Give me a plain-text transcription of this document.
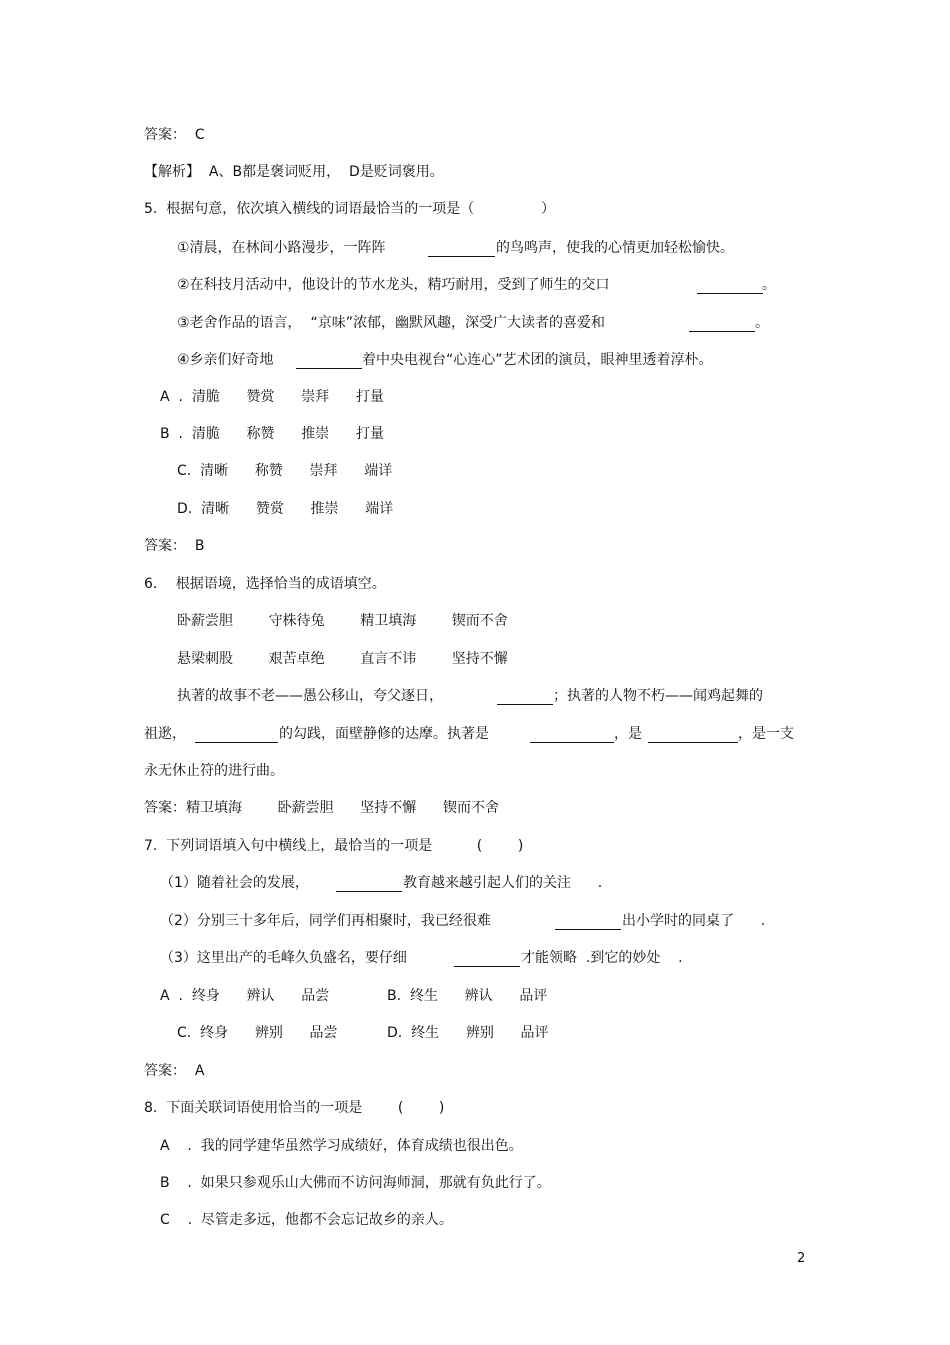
答案：  C
【解析】  A、B都是褒词贬用，  D是贬词褒用。
5.  根据句意，依次填入横线的词语最恰当的一项是（               ）
①清晨，在林间小路漫步，一阵阵	的鸟鸣声，使我的心情更加轻松愉快。
②在科技月活动中，他设计的节水龙头，精巧耐用，受到了师生的交口	。
③老舍作品的语言，  “京味”浓郁，幽默风趣，深受广大读者的喜爱和	。
④乡亲们好奇地	着中央电视台“心连心”艺术团的演员，眼神里透着淳朴。
A  .  清脆      赞赏      崇拜      打量
B  .  清脆      称赞      推崇      打量
C.  清晰      称赞      崇拜      端详
D.  清晰      赞赏      推崇      端详
答案：  B
6．  根据语境，选择恰当的成语填空。
卧薪尝胆        守株待兔        精卫填海        锲而不舍
悬梁刺股        艰苦卓绝        直言不讳        坚持不懈
执著的故事不老——愚公移山，夸父逐日，	；执著的人物不朽——闻鸡起舞的
祖逖，	的勾践，面壁静修的达摩。执著是	，是	，是一支
永无休止符的进行曲。
答案：精卫填海        卧薪尝胆      坚持不懈      锲而不舍
7.  下列词语填入句中横线上，最恰当的一项是          (        )
（1）随着社会的发展，	教育越来越引起人们的关注      .
（2）分别三十多年后，同学们再相聚时，我已经很难	出小学时的同桌了      .
（3）这里出产的毛峰久负盛名，要仔细	才能领略  .到它的妙处    .
A  .  终身      辨认      品尝	B.  终生      辨认      品评
C.  终身      辨别      品尝	D.  终生      辨别      品评
答案：  A
8.  下面关联词语使用恰当的一项是        (        )
A    .  我的同学建华虽然学习成绩好，体育成绩也很出色。
B    .  如果只参观乐山大佛而不访问海师洞，那就有负此行了。
C    .  尽管走多远，他都不会忘记故乡的亲人。
2
